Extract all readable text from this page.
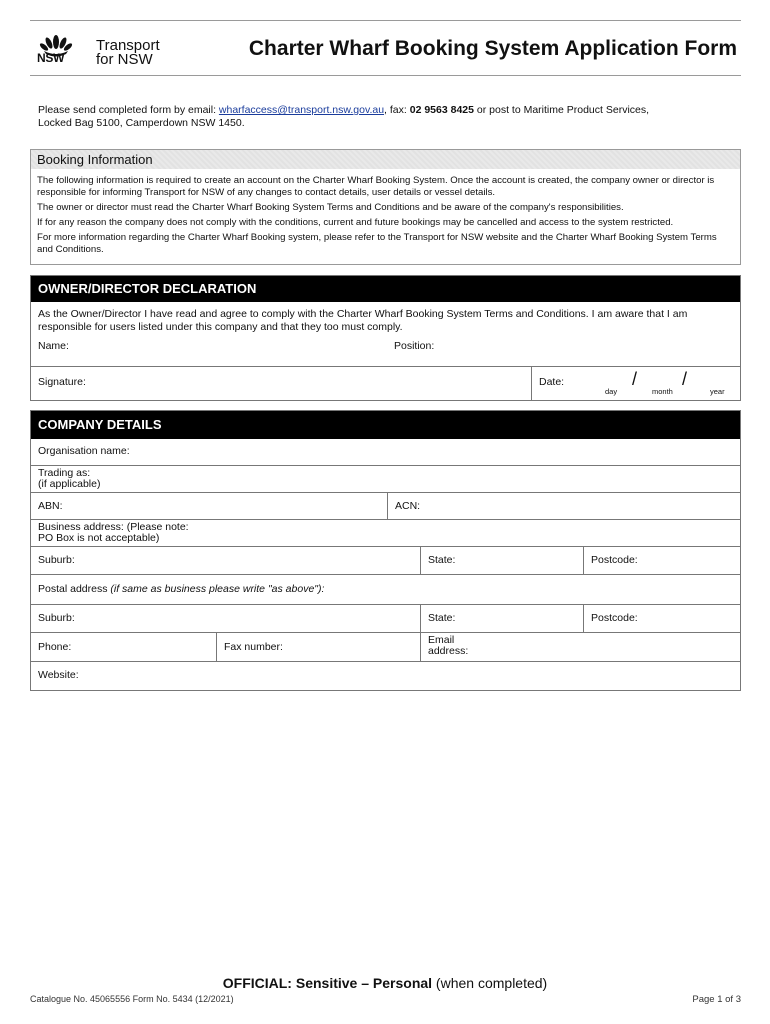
NSW
Transport
for NSW	Charter Wharf Booking System Application Form
Please send completed form by email: wharfaccess@transport.nsw.gov.au, fax: 02 9563 8425 or post to Maritime Product Services,
Locked Bag 5100, Camperdown NSW 1450.
Booking Information

The following information is required to create an account on the Charter Wharf Booking System. Once the account is created, the company owner or director is responsible for informing Transport for NSW of any changes to contact details, user details or vessel details.

The owner or director must read the Charter Wharf Booking System Terms and Conditions and be aware of the company's responsibilities.

If for any reason the company does not comply with the conditions, current and future bookings may be cancelled and access to the system restricted.

For more information regarding the Charter Wharf Booking system, please refer to the Transport for NSW website and the Charter Wharf Booking System Terms and Conditions.

OWNER/DIRECTOR DECLARATION
As the Owner/Director I have read and agree to comply with the Charter Wharf Booking System Terms and Conditions. I am aware that I am responsible for users listed under this company and that they too must comply.
Name:	Position:
Signature:	Date:	/ /
day	month	year
COMPANY DETAILS
Organisation name:
Trading as:
(if applicable)
ABN:	ACN:
Business address: (Please note:
PO Box is not acceptable)
Suburb:	State:	Postcode:
Postal address (if same as business please write "as above"):
Suburb:	State:	Postcode:
Phone:	Fax number:
Email
address:
Website:
OFFICIAL: Sensitive – Personal (when completed)
Catalogue No. 45065556 Form No. 5434 (12/2021)	Page 1 of 3
